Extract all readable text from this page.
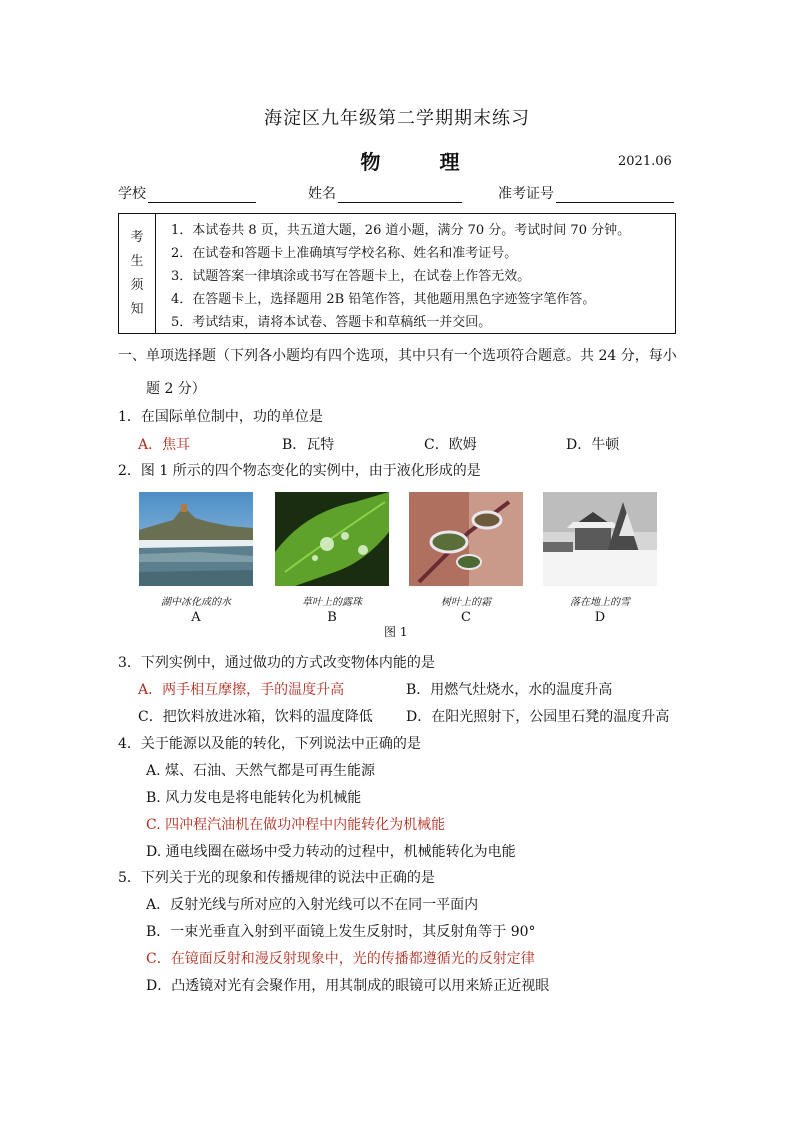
海淀区九年级第二学期期末练习
物 理	2021.06
学校	姓名	准考证号
考
生
须
知
1．本试卷共 8 页，共五道大题，26 道小题，满分 70 分。考试时间 70 分钟。
2．在试卷和答题卡上准确填写学校名称、姓名和准考证号。
3．试题答案一律填涂或书写在答题卡上，在试卷上作答无效。
4．在答题卡上，选择题用 2B 铅笔作答，其他题用黑色字迹签字笔作答。
5．考试结束，请将本试卷、答题卡和草稿纸一并交回。
一、单项选择题（下列各小题均有四个选项，其中只有一个选项符合题意。共 24 分，每小
题 2 分）
1．在国际单位制中，功的单位是
A．焦耳	B．瓦特	C．欧姆	D．牛顿
2．图 1 所示的四个物态变化的实例中，由于液化形成的是
湖中冰化成的水	草叶上的露珠	树叶上的霜	落在地上的雪
A	B	C	D
图 1
3．下列实例中，通过做功的方式改变物体内能的是
A．两手相互摩擦，手的温度升高	B．用燃气灶烧水，水的温度升高
C．把饮料放进冰箱，饮料的温度降低 D．在阳光照射下，公园里石凳的温度升高
4．关于能源以及能的转化，下列说法中正确的是
A. 煤、石油、天然气都是可再生能源
B. 风力发电是将电能转化为机械能
C. 四冲程汽油机在做功冲程中内能转化为机械能
D. 通电线圈在磁场中受力转动的过程中，机械能转化为电能
5．下列关于光的现象和传播规律的说法中正确的是
A．反射光线与所对应的入射光线可以不在同一平面内
B．一束光垂直入射到平面镜上发生反射时，其反射角等于 90°
C．在镜面反射和漫反射现象中，光的传播都遵循光的反射定律
D．凸透镜对光有会聚作用，用其制成的眼镜可以用来矫正近视眼
